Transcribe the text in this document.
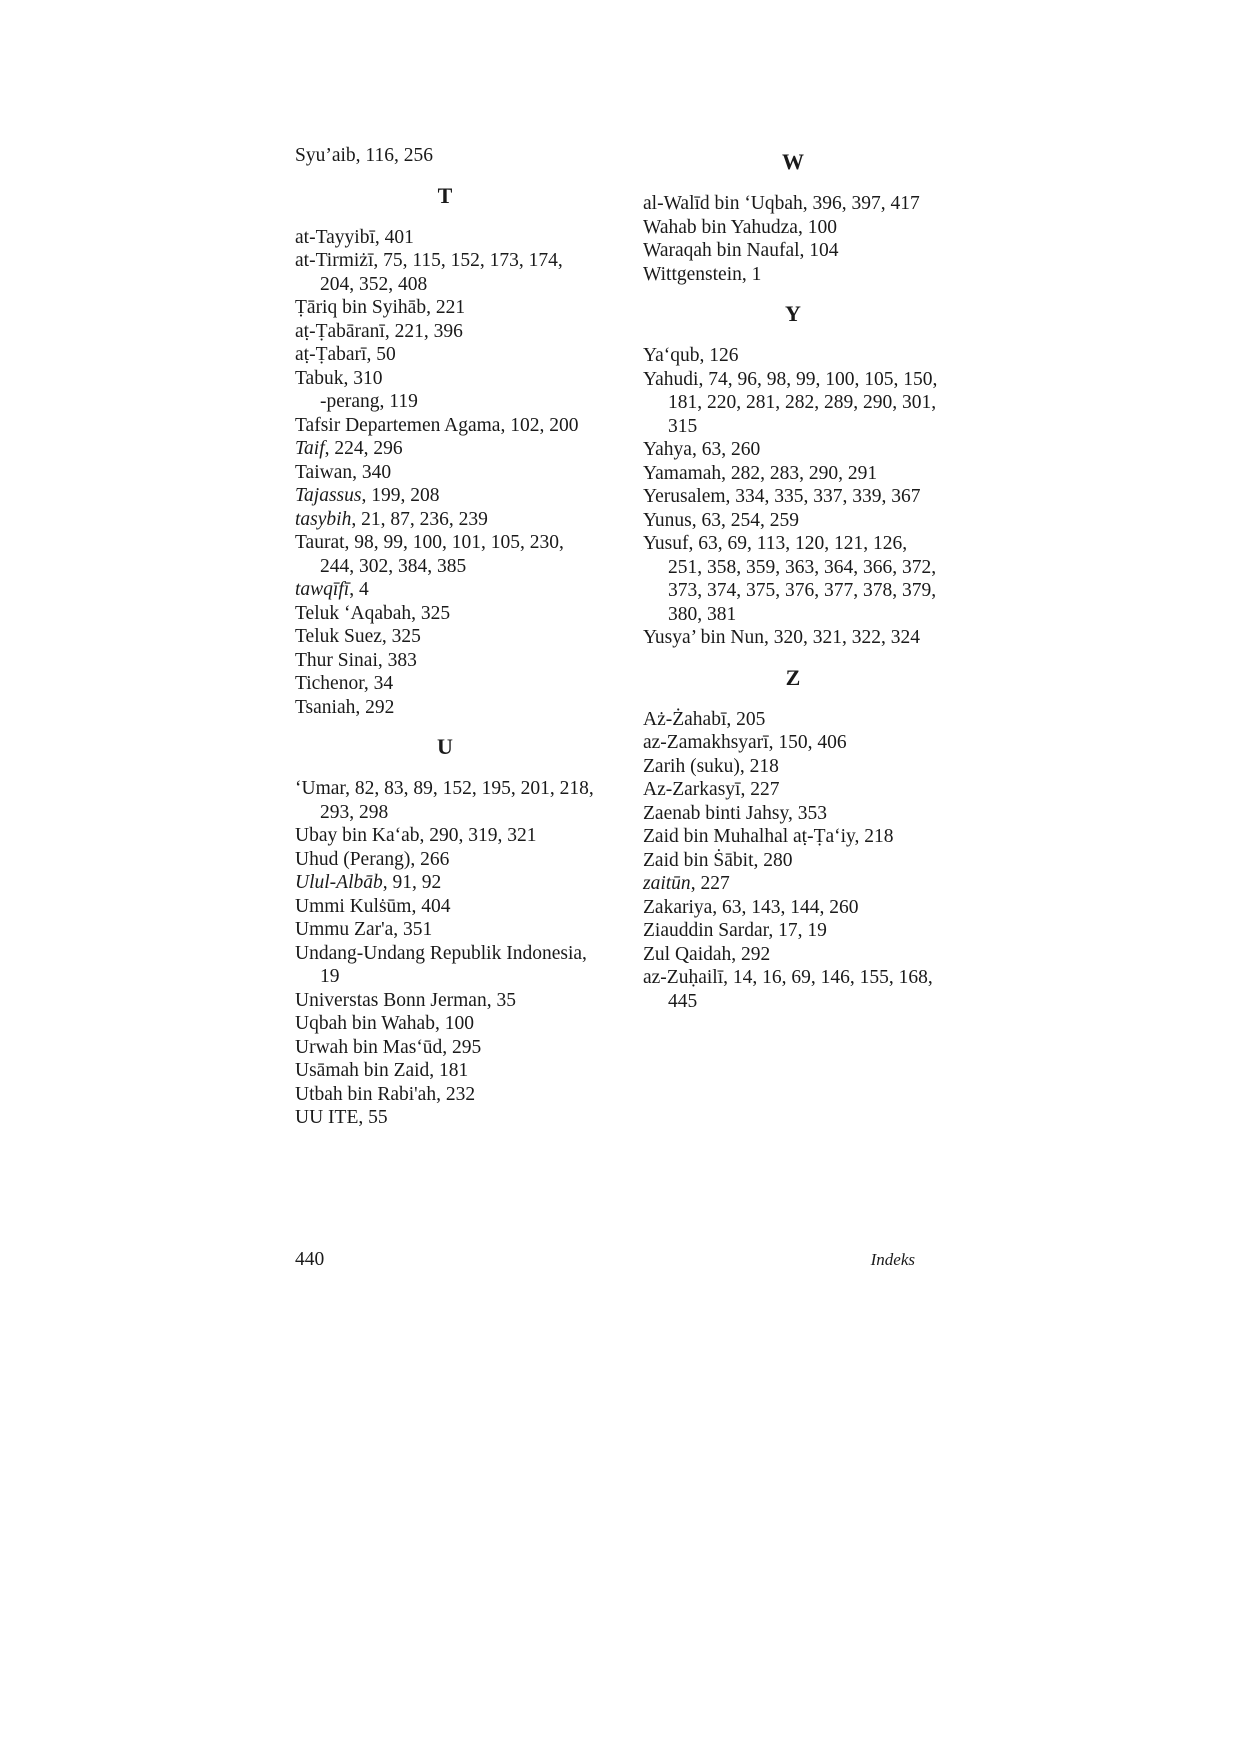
Syu’aib, 116, 256
T
at-Tayyibī, 401
at-Tirmiżī, 75, 115, 152, 173, 174, 204, 352, 408
Ṭāriq bin Syihāb, 221
aṭ-Ṭabāranī, 221, 396
aṭ-Ṭabarī, 50
Tabuk, 310
-perang, 119
Tafsir Departemen Agama, 102, 200
Taif, 224, 296
Taiwan, 340
Tajassus, 199, 208
tasybih, 21, 87, 236, 239
Taurat, 98, 99, 100, 101, 105, 230, 244, 302, 384, 385
tawqīfī, 4
Teluk ‘Aqabah, 325
Teluk Suez, 325
Thur Sinai, 383
Tichenor, 34
Tsaniah, 292
U
‘Umar, 82, 83, 89, 152, 195, 201, 218, 293, 298
Ubay bin Ka‘ab, 290, 319, 321
Uhud (Perang), 266
Ulul-Albāb, 91, 92
Ummi Kulṡūm, 404
Ummu Zar'a, 351
Undang-Undang Republik Indonesia, 19
Universtas Bonn Jerman, 35
Uqbah bin Wahab, 100
Urwah bin Mas‘ūd, 295
Usāmah bin Zaid, 181
Utbah bin Rabi'ah, 232
UU ITE, 55
W
al-Walīd bin ‘Uqbah, 396, 397, 417
Wahab bin Yahudza, 100
Waraqah bin Naufal, 104
Wittgenstein, 1
Y
Ya‘qub, 126
Yahudi, 74, 96, 98, 99, 100, 105, 150, 181, 220, 281, 282, 289, 290, 301, 315
Yahya, 63, 260
Yamamah, 282, 283, 290, 291
Yerusalem, 334, 335, 337, 339, 367
Yunus, 63, 254, 259
Yusuf, 63, 69, 113, 120, 121, 126, 251, 358, 359, 363, 364, 366, 372, 373, 374, 375, 376, 377, 378, 379, 380, 381
Yusya’ bin Nun, 320, 321, 322, 324
Z
Aż-Żahabī, 205
az-Zamakhsyarī, 150, 406
Zarih (suku), 218
Az-Zarkasyī, 227
Zaenab binti Jahsy, 353
Zaid bin Muhalhal aṭ-Ṭa‘iy, 218
Zaid bin Ṡābit, 280
zaitūn, 227
Zakariya, 63, 143, 144, 260
Ziauddin Sardar, 17, 19
Zul Qaidah, 292
az-Zuḥailī, 14, 16, 69, 146, 155, 168, 445
440	Indeks
